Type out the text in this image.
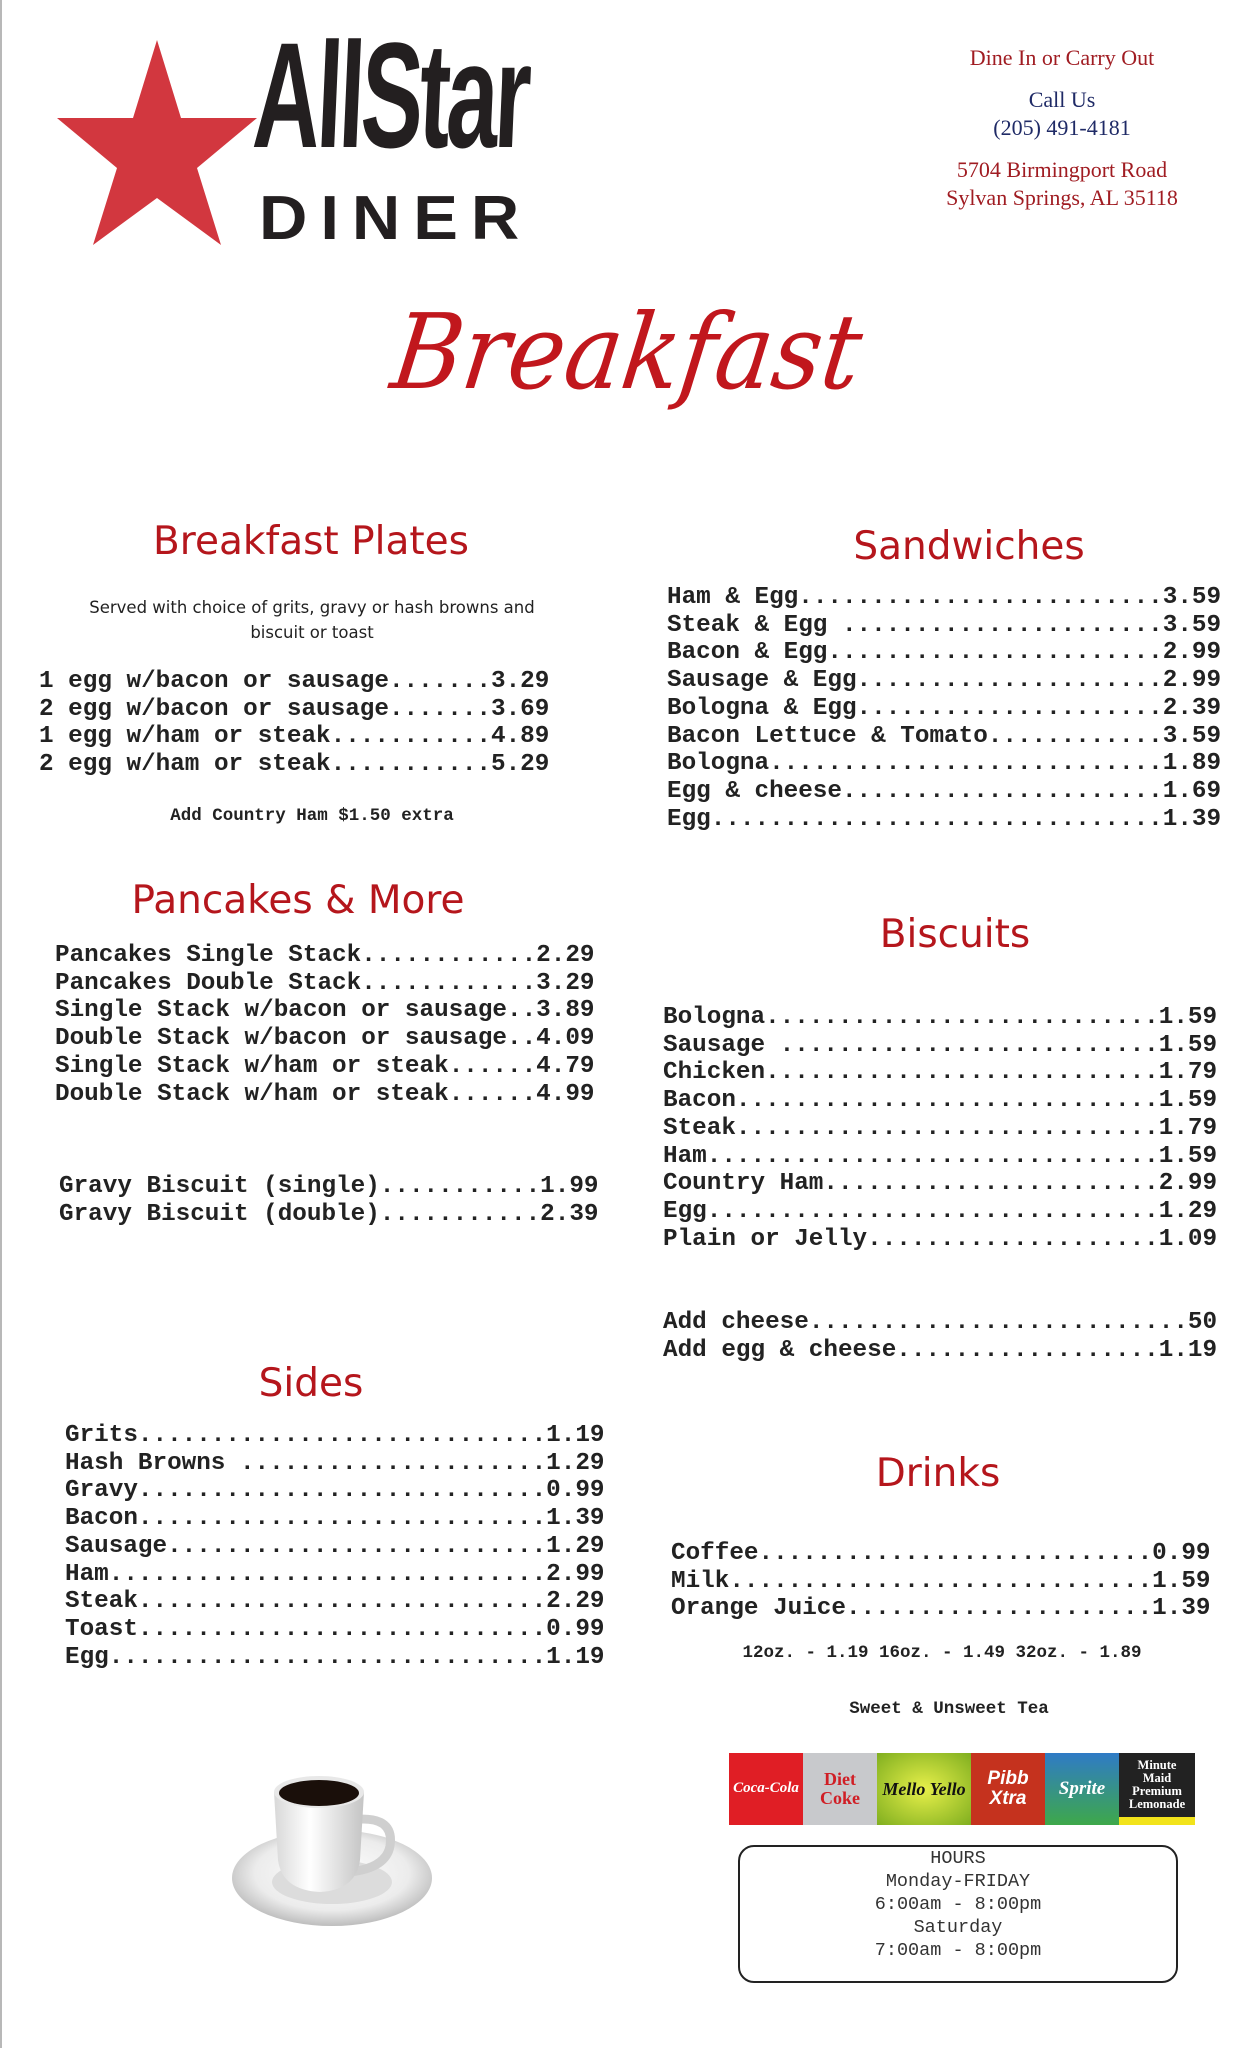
AllStar
DINER
Dine In or Carry Out
Call Us
(205) 491-4181
5704 Birmingport Road
Sylvan Springs, AL 35118
Breakfast
Breakfast Plates
Served with choice of grits, gravy or hash browns and biscuit or toast
1 egg w/bacon or sausage.......3.29
2 egg w/bacon or sausage.......3.69
1 egg w/ham or steak...........4.89
2 egg w/ham or steak...........5.29
Add Country Ham $1.50 extra
Pancakes & More
Pancakes Single Stack............2.29
Pancakes Double Stack............3.29
Single Stack w/bacon or sausage..3.89
Double Stack w/bacon or sausage..4.09
Single Stack w/ham or steak......4.79
Double Stack w/ham or steak......4.99
Gravy Biscuit (single)...........1.99
Gravy Biscuit (double)...........2.39
Sides
Grits............................1.19
Hash Browns .....................1.29
Gravy............................0.99
Bacon............................1.39
Sausage..........................1.29
Ham..............................2.99
Steak............................2.29
Toast............................0.99
Egg..............................1.19
Sandwiches
Ham & Egg.........................3.59
Steak & Egg ......................3.59
Bacon & Egg.......................2.99
Sausage & Egg.....................2.99
Bologna & Egg.....................2.39
Bacon Lettuce & Tomato............3.59
Bologna...........................1.89
Egg & cheese......................1.69
Egg...............................1.39
Biscuits
Bologna...........................1.59
Sausage ..........................1.59
Chicken...........................1.79
Bacon.............................1.59
Steak.............................1.79
Ham...............................1.59
Country Ham.......................2.99
Egg...............................1.29
Plain or Jelly....................1.09
Add cheese..........................50
Add egg & cheese..................1.19
Drinks
Coffee...........................0.99
Milk.............................1.59
Orange Juice.....................1.39
12oz. - 1.19 16oz. - 1.49 32oz. - 1.89
Sweet & Unsweet Tea
Coca-Cola	Diet Coke	Mello Yello	Pibb Xtra	Sprite
Minute Maid Premium Lemonade
HOURS
Monday-FRIDAY
6:00am - 8:00pm
Saturday
7:00am - 8:00pm
